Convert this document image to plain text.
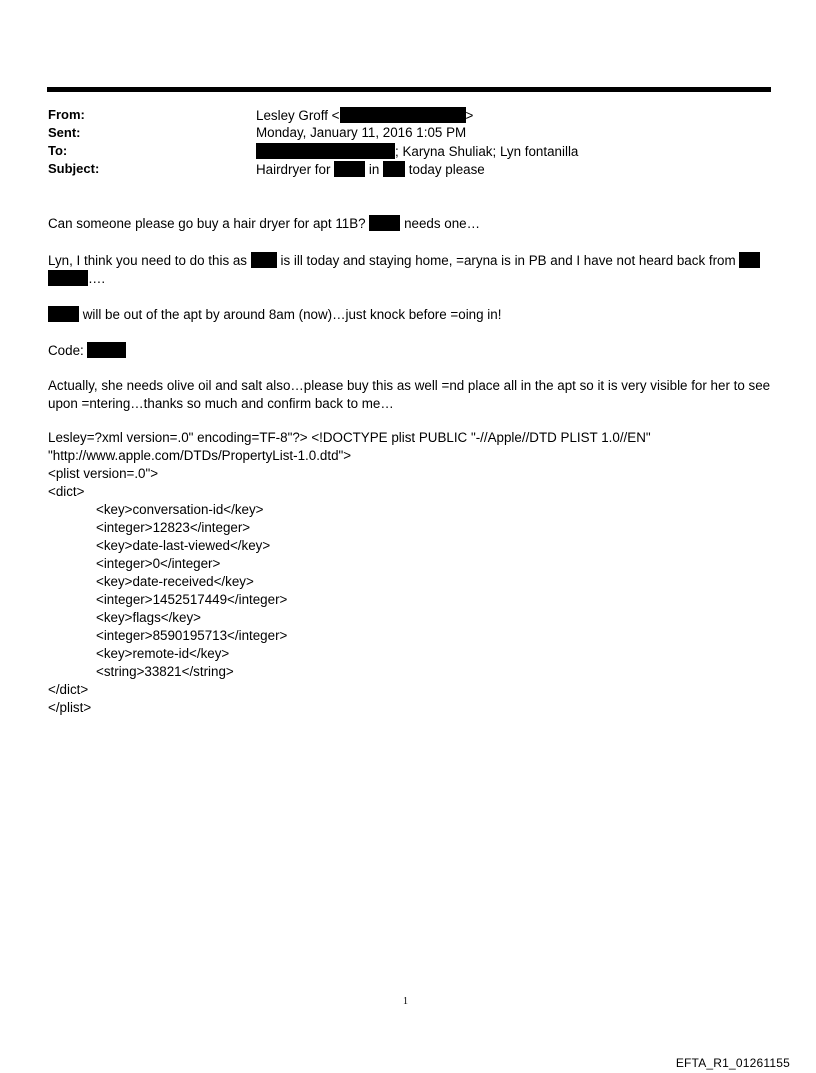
From:	Lesley Groff <	>
Sent:	Monday, January 11, 2016 1:05 PM
To:	; Karyna Shuliak; Lyn fontanilla
Subject:	Hairdryer for	in today please
Can someone please go buy a hair dryer for apt 11B?	needs one…
Lyn, I think you need to do this as is ill today and staying home, =aryna is in PB and I have not heard back from
….
will be out of the apt by around 8am (now)…just knock before =oing in!
Code:
Actually, she needs olive oil and salt also…please buy this as well =nd place all in the apt so it is very visible for her to see
upon =ntering…thanks so much and confirm back to me…
Lesley=?xml version=.0" encoding=TF-8"?> <!DOCTYPE plist PUBLIC "-//Apple//DTD PLIST 1.0//EN"
"http://www.apple.com/DTDs/PropertyList-1.0.dtd">
<plist version=.0">
<dict>
<key>conversation-id</key>
<integer>12823</integer>
<key>date-last-viewed</key>
<integer>0</integer>
<key>date-received</key>
<integer>1452517449</integer>
<key>flags</key>
<integer>8590195713</integer>
<key>remote-id</key>
<string>33821</string>
</dict>
</plist>
1
EFTA_R1_01261155
